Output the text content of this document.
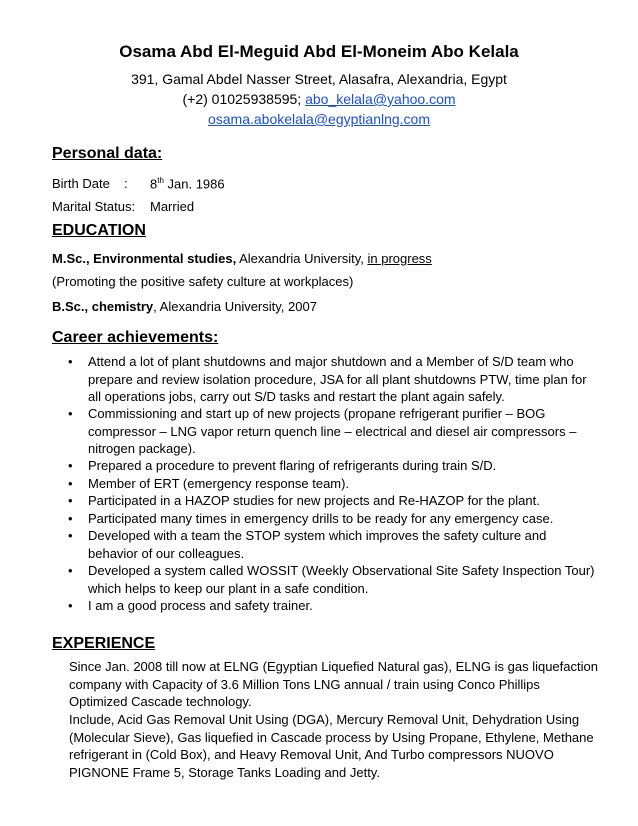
Osama Abd El-Meguid Abd El-Moneim Abo Kelala
391, Gamal Abdel Nasser Street, Alasafra, Alexandria, Egypt
(+2) 01025938595; abo_kelala@yahoo.com
osama.abokelala@egyptianlng.com
Personal data:
Birth Date : 8th Jan. 1986
Marital Status: Married
EDUCATION
M.Sc., Environmental studies, Alexandria University, in progress
(Promoting the positive safety culture at workplaces)
B.Sc., chemistry, Alexandria University, 2007
Career achievements:
• Attend a lot of plant shutdowns and major shutdown and a Member of S/D team who prepare and review isolation procedure, JSA for all plant shutdowns PTW, time plan for all operations jobs, carry out S/D tasks and restart the plant again safely.
• Commissioning and start up of new projects (propane refrigerant purifier – BOG compressor – LNG vapor return quench line – electrical and diesel air compressors – nitrogen package).
• Prepared a procedure to prevent flaring of refrigerants during train S/D.
• Member of ERT (emergency response team).
• Participated in a HAZOP studies for new projects and Re-HAZOP for the plant.
• Participated many times in emergency drills to be ready for any emergency case.
• Developed with a team the STOP system which improves the safety culture and behavior of our colleagues.
• Developed a system called WOSSIT (Weekly Observational Site Safety Inspection Tour) which helps to keep our plant in a safe condition.
• I am a good process and safety trainer.
EXPERIENCE
Since Jan. 2008 till now at ELNG (Egyptian Liquefied Natural gas), ELNG is gas liquefaction company with Capacity of 3.6 Million Tons LNG annual / train using Conco Phillips Optimized Cascade technology.
Include, Acid Gas Removal Unit Using (DGA), Mercury Removal Unit, Dehydration Using (Molecular Sieve), Gas liquefied in Cascade process by Using Propane, Ethylene, Methane refrigerant in (Cold Box), and Heavy Removal Unit, And Turbo compressors NUOVO PIGNONE Frame 5, Storage Tanks Loading and Jetty.
